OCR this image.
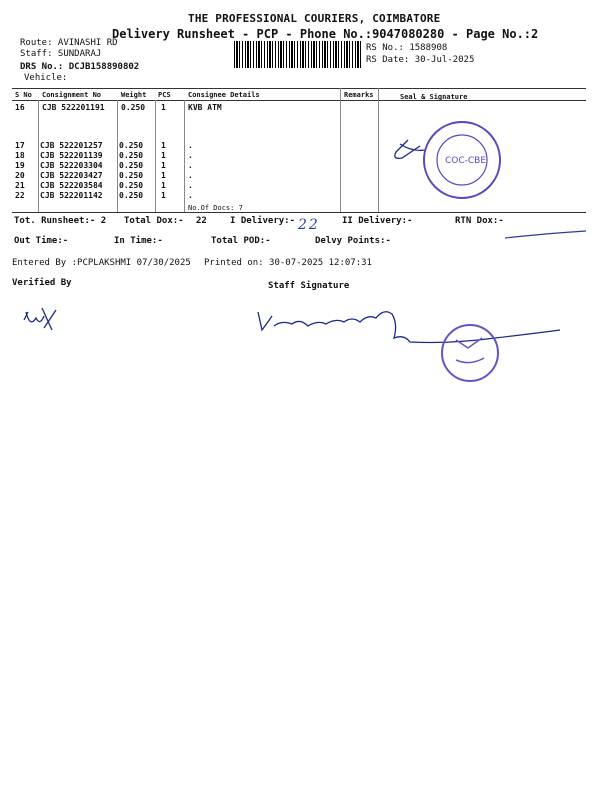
THE PROFESSIONAL COURIERS, COIMBATORE
Delivery Runsheet - PCP - Phone No.:9047080280 - Page No.:2
Route: AVINASHI RD
Staff: SUNDARAJ
DRS No.: DCJB158890802
Vehicle:
RS No.: 1588908
RS Date: 30-Jul-2025
S No Consignment No	Weight PCS Consignee Details	Remarks	Seal & Signature
16 CJB 522201191 0.250 1	KVB ATM
17 CJB 522201257 0.250 1	.
18 CJB 522201139 0.250 1	.
19 CJB 522203304 0.250 1	.
20 CJB 522203427 0.250 1	.
21 CJB 522203584 0.250 1	.
22 CJB 522201142 0.250 1	.
No.Of Docs: 7
Tot. Runsheet:- 2 Total Dox:- 22	I Delivery:- 22 II Delivery:-	RTN Dox:-
Out Time:-	In Time:-	Total POD:-	Delvy Points:-
Entered By :PCPLAKSHMI 07/30/2025 Printed on: 30-07-2025 12:07:31
Verified By	Staff Signature
COC-CBE
